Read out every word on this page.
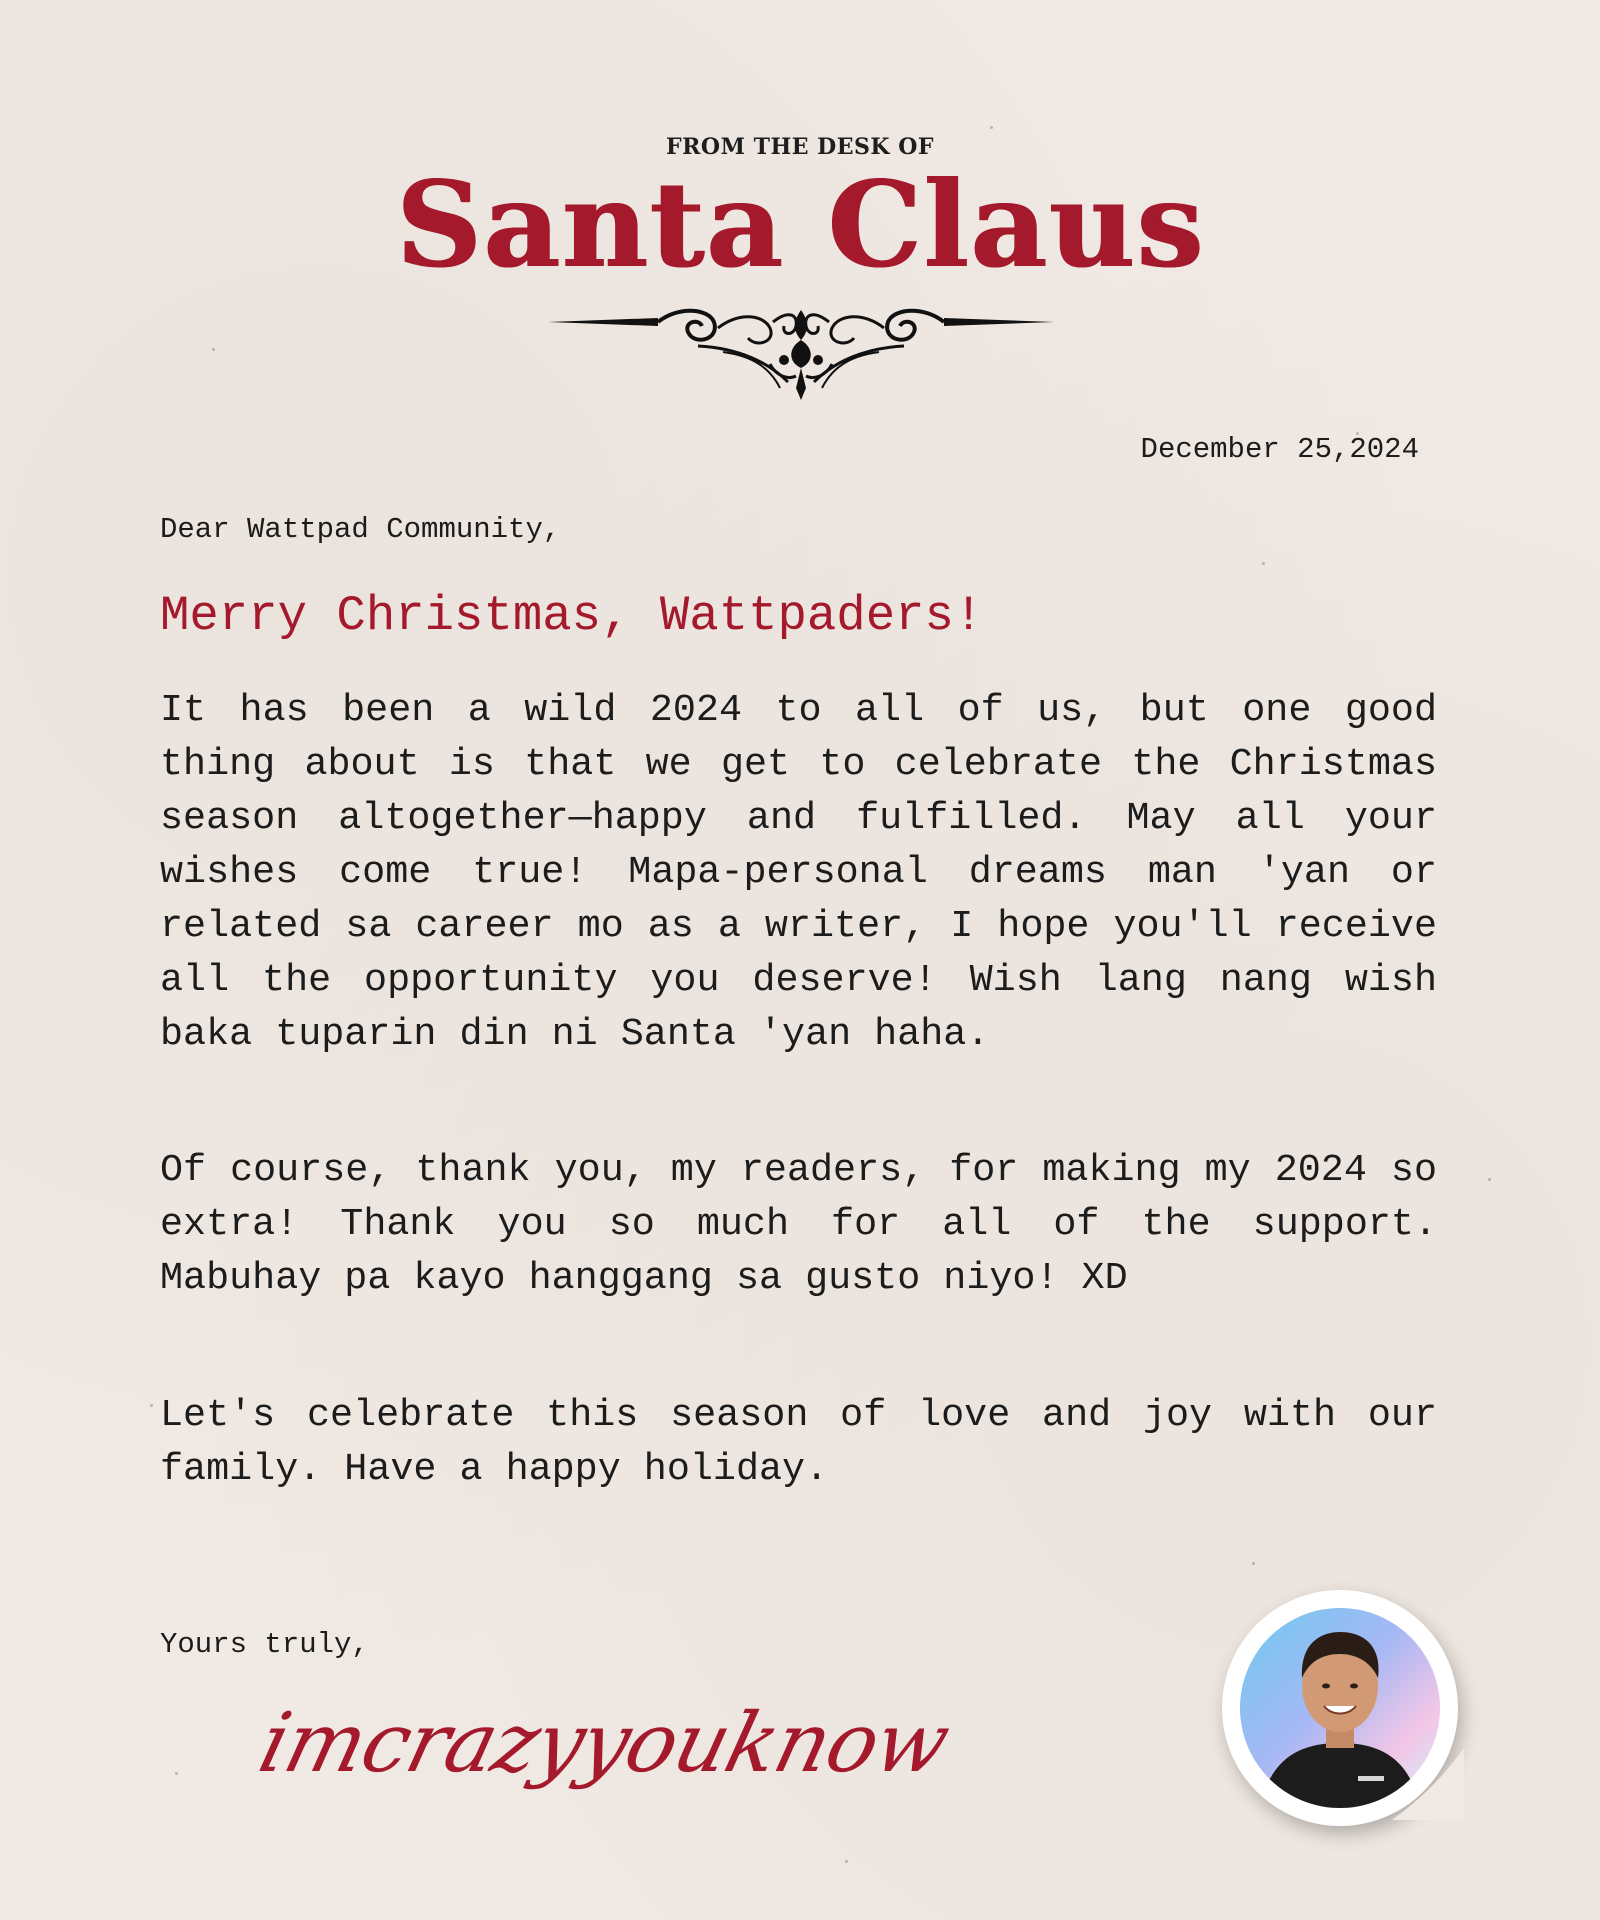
FROM THE DESK OF
Santa Claus
December 25,2024
Dear Wattpad Community,
Merry Christmas, Wattpaders!
It has been a wild 2024 to all of us, but one good thing about is that we get to celebrate the Christmas season altogether—happy and fulfilled. May all your wishes come true! Mapa-personal dreams man 'yan or related sa career mo as a writer, I hope you'll receive all the opportunity you deserve! Wish lang nang wish baka tuparin din ni Santa 'yan haha.
Of course, thank you, my readers, for making my 2024 so extra! Thank you so much for all of the support. Mabuhay pa kayo hanggang sa gusto niyo! XD
Let's celebrate this season of love and joy with our family. Have a happy holiday.
Yours truly,
imcrazyyouknow
